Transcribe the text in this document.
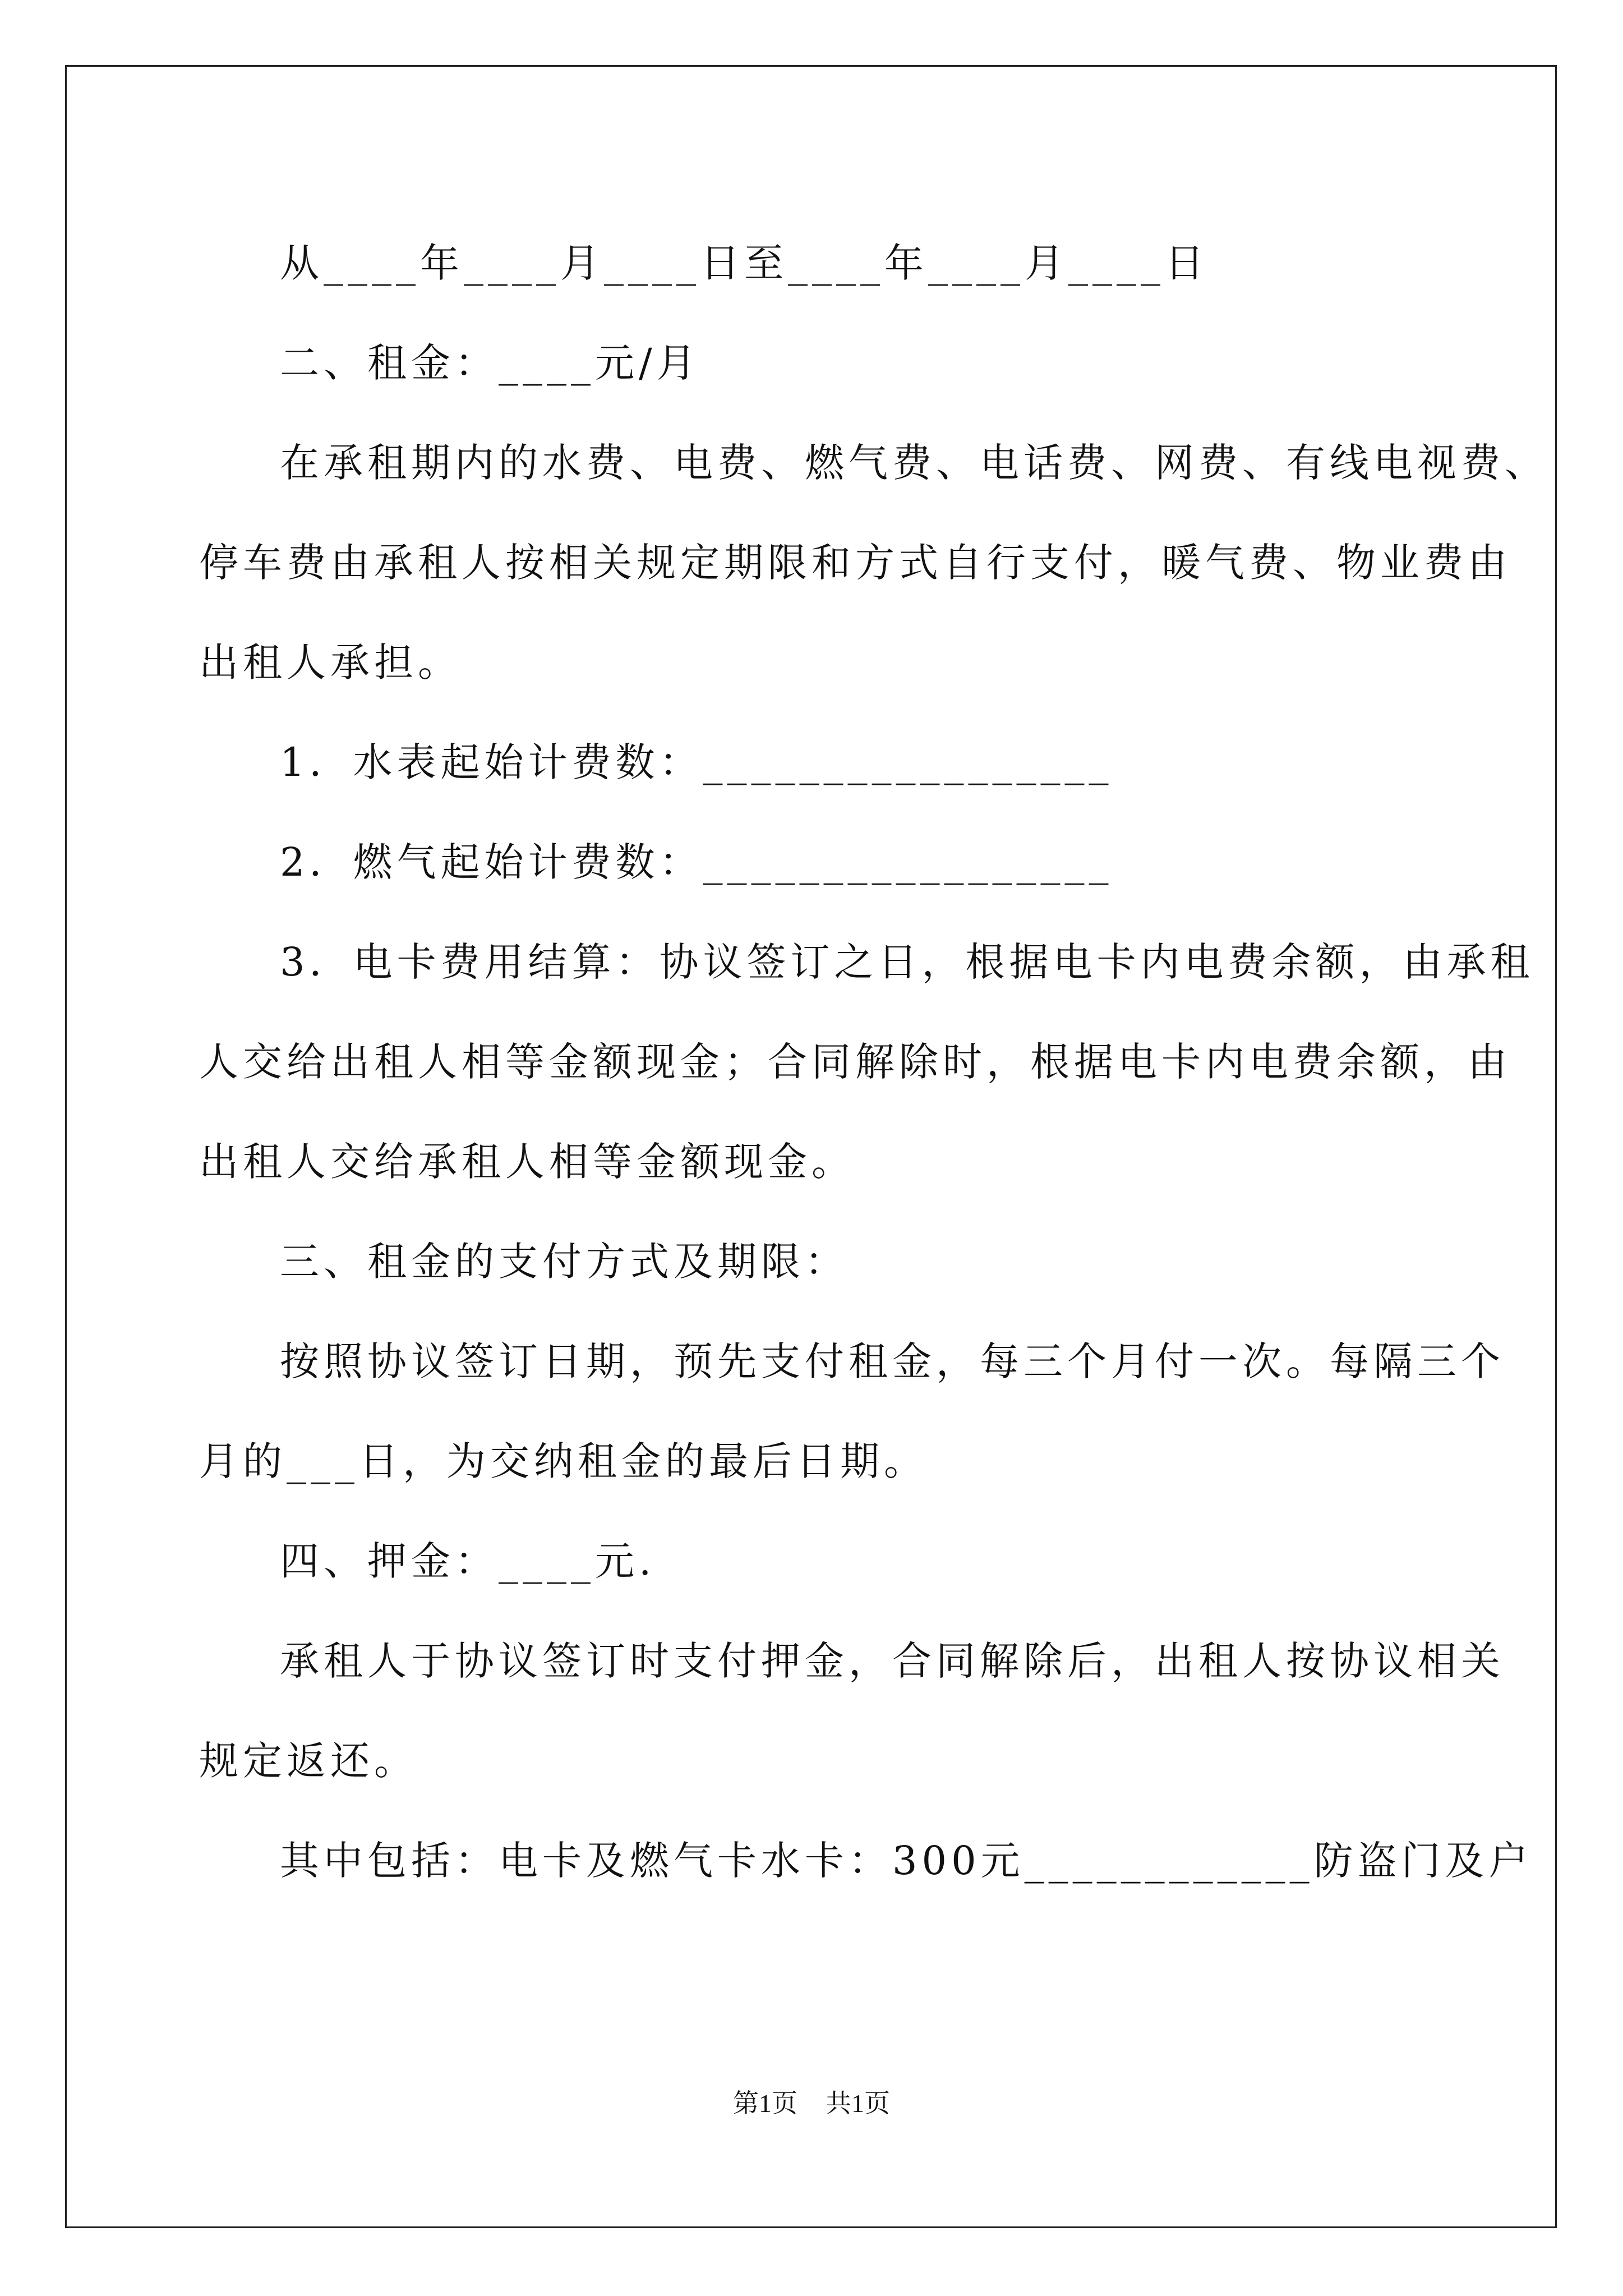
从____年____月____日至____年____月____日
二、租金：____元/月
在承租期内的水费、电费、燃气费、电话费、网费、有线电视费、
停车费由承租人按相关规定期限和方式自行支付，暖气费、物业费由
出租人承担。
1．水表起始计费数：_________________
2．燃气起始计费数：_________________
3．电卡费用结算：协议签订之日，根据电卡内电费余额，由承租
人交给出租人相等金额现金；合同解除时，根据电卡内电费余额，由
出租人交给承租人相等金额现金。
三、租金的支付方式及期限：
按照协议签订日期，预先支付租金，每三个月付一次。每隔三个
月的___日，为交纳租金的最后日期。
四、押金：____元.
承租人于协议签订时支付押金，合同解除后，出租人按协议相关
规定返还。
其中包括：电卡及燃气卡水卡：300元____________防盗门及户
第1页 共1页
